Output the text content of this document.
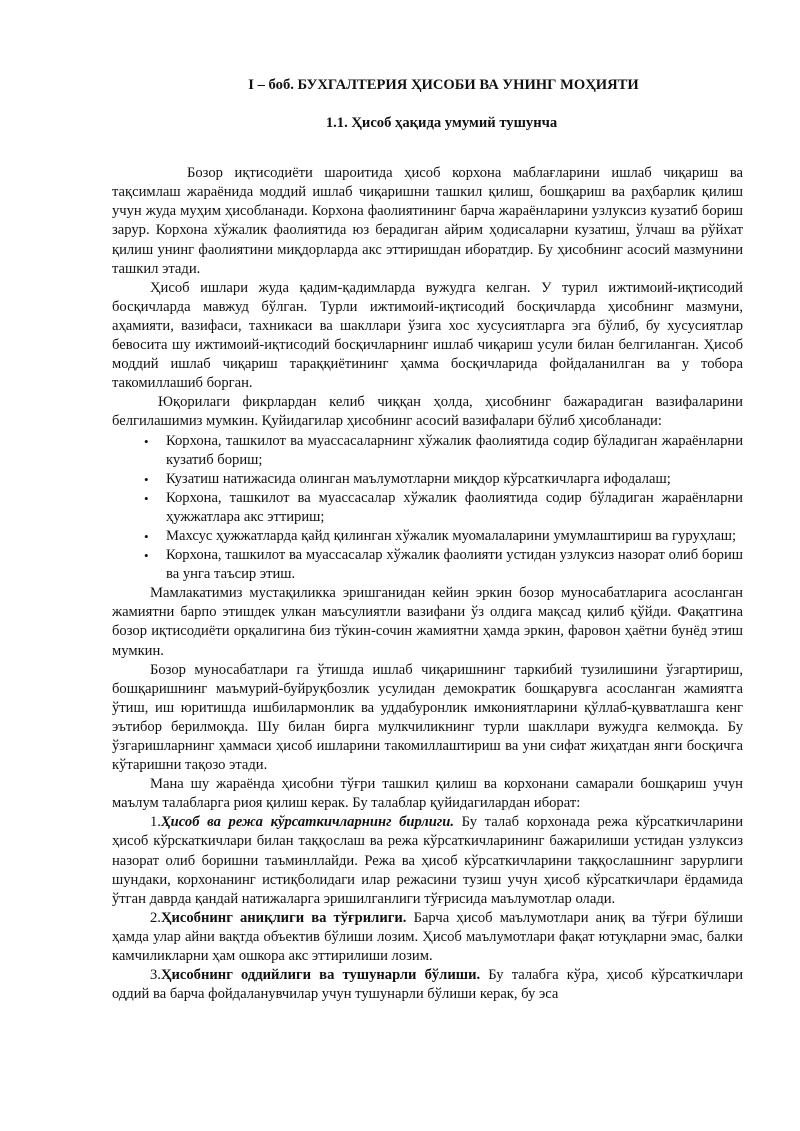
I – боб. БУХГАЛТЕРИЯ ҲИСОБИ ВА УНИНГ МОҲИЯТИ
1.1. Ҳисоб ҳақида умумий тушунча

Бозор иқтисодиёти шароитида ҳисоб корхона маблағларини ишлаб чиқариш ва тақсимлаш жараёнида моддий ишлаб чиқаришни ташкил қилиш, бошқариш ва раҳбарлик қилиш учун жуда муҳим ҳисобланади. Корхона фаолиятининг барча жараёнларини узлуксиз кузатиб бориш зарур. Корхона хўжалик фаолиятида юз берадиган айрим ҳодисаларни кузатиш, ўлчаш ва рўйхат қилиш унинг фаолиятини миқдорларда акс эттиришдан иборатдир. Бу ҳисобнинг асосий мазмунини ташкил этади.

Ҳисоб ишлари жуда қадим-қадимларда вужудга келган. У турил ижтимоий-иқтисодий босқичларда мавжуд бўлган. Турли ижтимоий-иқтисодий босқичларда ҳисобнинг мазмуни, аҳамияти, вазифаси, тахникаси ва шакллари ўзига хос хусусиятларга эга бўлиб, бу хусусиятлар бевосита шу ижтимоий-иқтисодий босқичларнинг ишлаб чиқариш усули билан белгиланган. Ҳисоб моддий ишлаб чиқариш тараққиётининг ҳамма босқичларида фойдаланилган ва у тобора такомиллашиб борган.

Юқорилаги фикрлардан келиб чиққан ҳолда, ҳисобнинг бажарадиган вазифаларини белгилашимиз мумкин. Қуйидагилар ҳисобнинг асосий вазифалари бўлиб ҳисобланади:

• Корхона, ташкилот ва муассасаларнинг хўжалик фаолиятида содир бўладиган жараёнларни кузатиб бориш;
• Кузатиш натижасида олинган маълумотларни миқдор кўрсаткичларга ифодалаш;
• Корхона, ташкилот ва муассасалар хўжалик фаолиятида содир бўладиган жараёнларни ҳужжатлара акс эттириш;
• Махсус ҳужжатларда қайд қилинган хўжалик муомалаларини умумлаштириш ва гуруҳлаш;
• Корхона, ташкилот ва муассасалар хўжалик фаолияти устидан узлуксиз назорат олиб бориш ва унга таъсир этиш.

Мамлакатимиз мустақиликка эришганидан кейин эркин бозор муносабатларига асосланган жамиятни барпо этишдек улкан маъсулиятли вазифани ўз олдига мақсад қилиб қўйди. Фақатгина бозор иқтисодиёти орқалигина биз тўкин-сочин жамиятни ҳамда эркин, фаровон ҳаётни бунёд этиш мумкин.

Бозор муносабатлари га ўтишда ишлаб чиқаришнинг таркибий тузилишини ўзгартириш, бошқаришнинг маъмурий-буйруқбозлик усулидан демократик бошқарувга асосланган жамиятга ўтиш, иш юритишда ишбилармонлик ва уддабуронлик имкониятларини қўллаб-қувватлашга кенг эътибор берилмоқда. Шу билан бирга мулкчиликнинг турли шакллари вужудга келмоқда. Бу ўзгаришларнинг ҳаммаси ҳисоб ишларини такомиллаштириш ва уни сифат жиҳатдан янги босқичга кўтаришни тақозо этади.

Мана шу жараёнда ҳисобни тўғри ташкил қилиш ва корхонани самарали бошқариш учун маълум талабларга риоя қилиш керак. Бу талаблар қуйидагилардан иборат:

1.Ҳисоб ва режа кўрсаткичларнинг бирлиги. Бу талаб корхонада режа кўрсаткичларини ҳисоб кўрскаткичлари билан таққослаш ва режа кўрсаткичларининг бажарилиши устидан узлуксиз назорат олиб боришни таъминллайди. Режа ва ҳисоб кўрсаткичларини таққослашнинг зарурлиги шундаки, корхонанинг истиқболидаги илар режасини тузиш учун ҳисоб кўрсаткичлари ёрдамида ўтган даврда қандай натижаларга эришилганлиги тўғрисида маълумотлар олади.

2.Ҳисобнинг аниқлиги ва тўғрилиги. Барча ҳисоб маълумотлари аниқ ва тўғри бўлиши ҳамда улар айни вақтда объектив бўлиши лозим. Ҳисоб маълумотлари фақат ютуқларни эмас, балки камчиликларни ҳам ошкора акс эттирилиши лозим.

3.Ҳисобнинг оддийлиги ва тушунарли бўлиши. Бу талабга кўра, ҳисоб кўрсаткичлари оддий ва барча фойдаланувчилар учун тушунарли бўлиши керак, бу эса
